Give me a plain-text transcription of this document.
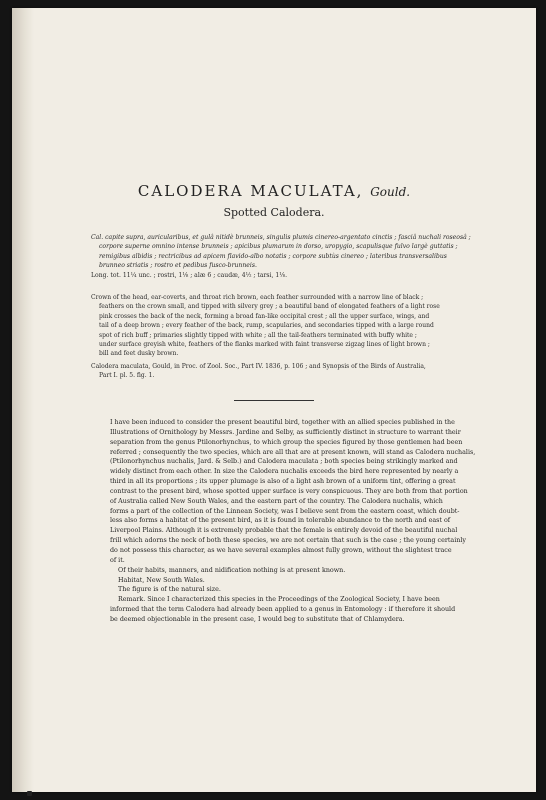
CALODERA MACULATA, Gould.
Spotted Calodera.
Cal. capite supra, auricularibus, et gulâ nitidè brunneis, singulis plumis cinereo-argentato cinctis ; fasciâ nuchali roseosâ ;
corpore superne omnino intense brunneis ; apicibus plumarum in dorso, uropygio, scapulisque fulvo largè guttatis ;
remigibus albidis ; rectricibus ad apicem flavido-albo notatis ; corpore subtùs cinereo ; lateribus transversalibus
brunneo striatis ; rostro et pedibus fusco-brunneis.
Long. tot. 11¼ unc. ; rostri, 1⅛ ; alæ 6 ; caudæ, 4½ ; tarsi, 1⅛.
Crown of the head, ear-coverts, and throat rich brown, each feather surrounded with a narrow line of black ;
feathers on the crown small, and tipped with silvery grey ; a beautiful band of elongated feathers of a light rose
pink crosses the back of the neck, forming a broad fan-like occipital crest ; all the upper surface, wings, and
tail of a deep brown ; every feather of the back, rump, scapularies, and secondaries tipped with a large round
spot of rich buff ; primaries slightly tipped with white ; all the tail-feathers terminated with buffy white ;
under surface greyish white, feathers of the flanks marked with faint transverse zigzag lines of light brown ;
bill and feet dusky brown.
Calodera maculata, Gould, in Proc. of Zool. Soc., Part IV. 1836, p. 106 ; and Synopsis of the Birds of Australia,
Part I. pl. 5. fig. 1.
I have been induced to consider the present beautiful bird, together with an allied species published in the
Illustrations of Ornithology by Messrs. Jardine and Selby, as sufficiently distinct in structure to warrant their
separation from the genus Ptilonorhynchus, to which group the species figured by those gentlemen had been
referred ; consequently the two species, which are all that are at present known, will stand as Calodera nuchalis,
(Ptilonorhynchus nuchalis, Jard. & Selb.) and Calodera maculata ; both species being strikingly marked and
widely distinct from each other. In size the Calodera nuchalis exceeds the bird here represented by nearly a
third in all its proportions ; its upper plumage is also of a light ash brown of a uniform tint, offering a great
contrast to the present bird, whose spotted upper surface is very conspicuous. They are both from that portion
of Australia called New South Wales, and the eastern part of the country. The Calodera nuchalis, which
forms a part of the collection of the Linnean Society, was I believe sent from the eastern coast, which doubt-
less also forms a habitat of the present bird, as it is found in tolerable abundance to the north and east of
Liverpool Plains. Although it is extremely probable that the female is entirely devoid of the beautiful nuchal
frill which adorns the neck of both these species, we are not certain that such is the case ; the young certainly
do not possess this character, as we have several examples almost fully grown, without the slightest trace
of it.
Of their habits, manners, and nidification nothing is at present known.
Habitat, New South Wales.
The figure is of the natural size.
Remark. Since I characterized this species in the Proceedings of the Zoological Society, I have been
informed that the term Calodera had already been applied to a genus in Entomology : if therefore it should
be deemed objectionable in the present case, I would beg to substitute that of Chlamydera.
